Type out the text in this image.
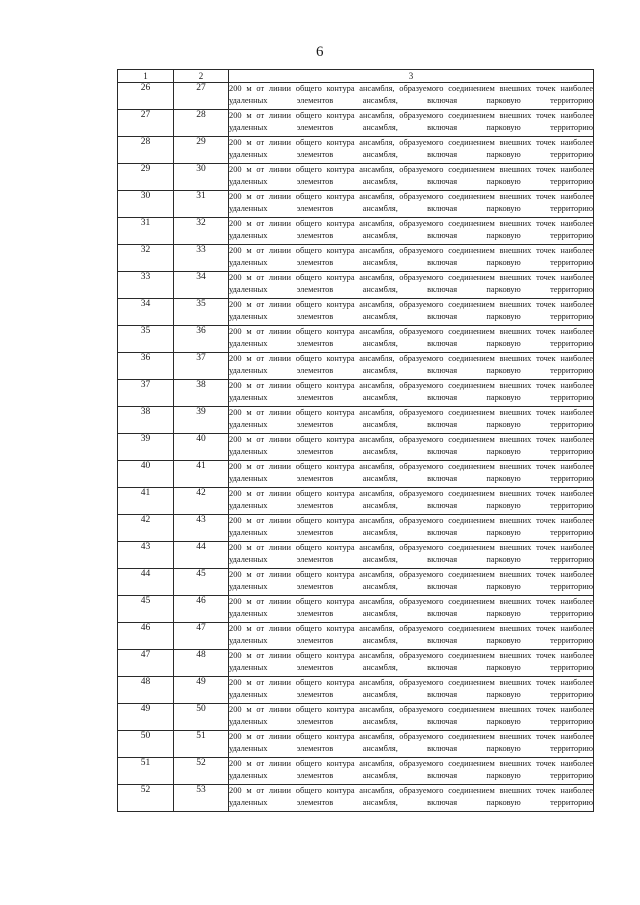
6
1	2	3
26	27	200 м от линии общего контура ансамбля, образуемого соединением внешних точек наиболее удаленных элементов ансамбля, включая парковую территорию
27	28	200 м от линии общего контура ансамбля, образуемого соединением внешних точек наиболее удаленных элементов ансамбля, включая парковую территорию
28	29	200 м от линии общего контура ансамбля, образуемого соединением внешних точек наиболее удаленных элементов ансамбля, включая парковую территорию
29	30	200 м от линии общего контура ансамбля, образуемого соединением внешних точек наиболее удаленных элементов ансамбля, включая парковую территорию
30	31	200 м от линии общего контура ансамбля, образуемого соединением внешних точек наиболее удаленных элементов ансамбля, включая парковую территорию
31	32	200 м от линии общего контура ансамбля, образуемого соединением внешних точек наиболее удаленных элементов ансамбля, включая парковую территорию
32	33	200 м от линии общего контура ансамбля, образуемого соединением внешних точек наиболее удаленных элементов ансамбля, включая парковую территорию
33	34	200 м от линии общего контура ансамбля, образуемого соединением внешних точек наиболее удаленных элементов ансамбля, включая парковую территорию
34	35	200 м от линии общего контура ансамбля, образуемого соединением внешних точек наиболее удаленных элементов ансамбля, включая парковую территорию
35	36	200 м от линии общего контура ансамбля, образуемого соединением внешних точек наиболее удаленных элементов ансамбля, включая парковую территорию
36	37	200 м от линии общего контура ансамбля, образуемого соединением внешних точек наиболее удаленных элементов ансамбля, включая парковую территорию
37	38	200 м от линии общего контура ансамбля, образуемого соединением внешних точек наиболее удаленных элементов ансамбля, включая парковую территорию
38	39	200 м от линии общего контура ансамбля, образуемого соединением внешних точек наиболее удаленных элементов ансамбля, включая парковую территорию
39	40	200 м от линии общего контура ансамбля, образуемого соединением внешних точек наиболее удаленных элементов ансамбля, включая парковую территорию
40	41	200 м от линии общего контура ансамбля, образуемого соединением внешних точек наиболее удаленных элементов ансамбля, включая парковую территорию
41	42	200 м от линии общего контура ансамбля, образуемого соединением внешних точек наиболее удаленных элементов ансамбля, включая парковую территорию
42	43	200 м от линии общего контура ансамбля, образуемого соединением внешних точек наиболее удаленных элементов ансамбля, включая парковую территорию
43	44	200 м от линии общего контура ансамбля, образуемого соединением внешних точек наиболее удаленных элементов ансамбля, включая парковую территорию
44	45	200 м от линии общего контура ансамбля, образуемого соединением внешних точек наиболее удаленных элементов ансамбля, включая парковую территорию
45	46	200 м от линии общего контура ансамбля, образуемого соединением внешних точек наиболее удаленных элементов ансамбля, включая парковую территорию
46	47	200 м от линии общего контура ансамбля, образуемого соединением внешних точек наиболее удаленных элементов ансамбля, включая парковую территорию
47	48	200 м от линии общего контура ансамбля, образуемого соединением внешних точек наиболее удаленных элементов ансамбля, включая парковую территорию
48	49	200 м от линии общего контура ансамбля, образуемого соединением внешних точек наиболее удаленных элементов ансамбля, включая парковую территорию
49	50	200 м от линии общего контура ансамбля, образуемого соединением внешних точек наиболее удаленных элементов ансамбля, включая парковую территорию
50	51	200 м от линии общего контура ансамбля, образуемого соединением внешних точек наиболее удаленных элементов ансамбля, включая парковую территорию
51	52	200 м от линии общего контура ансамбля, образуемого соединением внешних точек наиболее удаленных элементов ансамбля, включая парковую территорию
52	53	200 м от линии общего контура ансамбля, образуемого соединением внешних точек наиболее удаленных элементов ансамбля, включая парковую территорию
